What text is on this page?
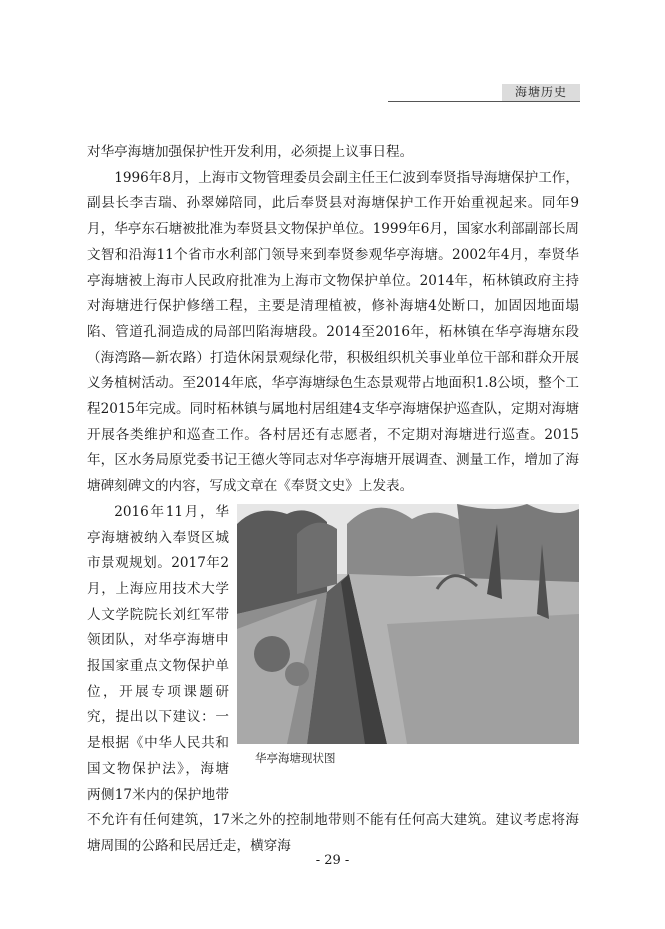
海塘历史

对华亭海塘加强保护性开发利用，必须提上议事日程。

1996年8月，上海市文物管理委员会副主任王仁波到奉贤指导海塘保护工作，副县长李吉瑞、孙翠娣陪同，此后奉贤县对海塘保护工作开始重视起来。同年9月，华亭东石塘被批准为奉贤县文物保护单位。1999年6月，国家水利部副部长周文智和沿海11个省市水利部门领导来到奉贤参观华亭海塘。2002年4月，奉贤华亭海塘被上海市人民政府批准为上海市文物保护单位。2014年，柘林镇政府主持对海塘进行保护修缮工程，主要是清理植被，修补海塘4处断口，加固因地面塌陷、管道孔洞造成的局部凹陷海塘段。2014至2016年，柘林镇在华亭海塘东段（海湾路—新农路）打造休闲景观绿化带，积极组织机关事业单位干部和群众开展义务植树活动。至2014年底，华亭海塘绿色生态景观带占地面积1.8公顷，整个工程2015年完成。同时柘林镇与属地村居组建4支华亭海塘保护巡查队，定期对海塘开展各类维护和巡查工作。各村居还有志愿者，不定期对海塘进行巡查。2015年，区水务局原党委书记王德火等同志对华亭海塘开展调查、测量工作，增加了海塘碑刻碑文的内容，写成文章在《奉贤文史》上发表。

华亭海塘现状图

2016年11月，华亭海塘被纳入奉贤区城市景观规划。2017年2月，上海应用技术大学人文学院院长刘红军带领团队，对华亭海塘申报国家重点文物保护单位，开展专项课题研究，提出以下建议：一是根据《中华人民共和国文物保护法》，海塘两侧17米内的保护地带不允许有任何建筑，17米之外的控制地带则不能有任何高大建筑。建议考虑将海塘周围的公路和民居迁走，横穿海

- 29 -
